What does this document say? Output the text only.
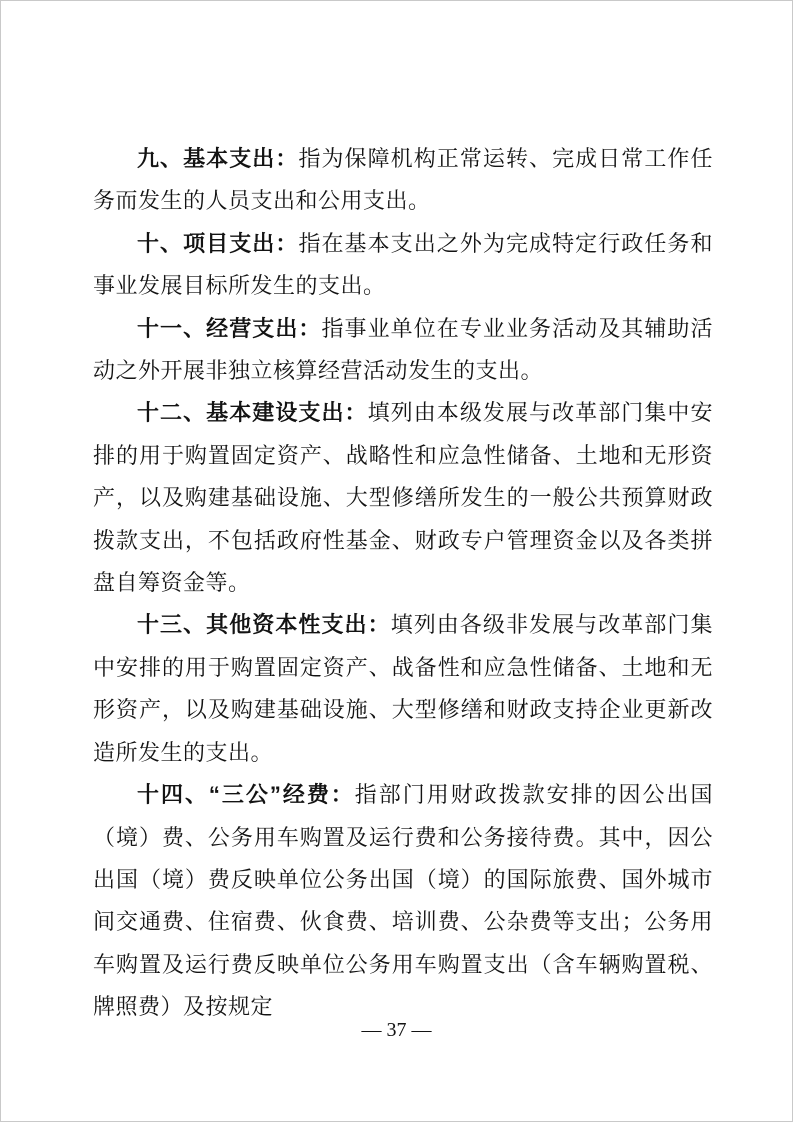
九、基本支出：指为保障机构正常运转、完成日常工作任务而发生的人员支出和公用支出。

十、项目支出：指在基本支出之外为完成特定行政任务和事业发展目标所发生的支出。

十一、经营支出：指事业单位在专业业务活动及其辅助活动之外开展非独立核算经营活动发生的支出。

十二、基本建设支出：填列由本级发展与改革部门集中安排的用于购置固定资产、战略性和应急性储备、土地和无形资产，以及购建基础设施、大型修缮所发生的一般公共预算财政拨款支出，不包括政府性基金、财政专户管理资金以及各类拼盘自筹资金等。

十三、其他资本性支出：填列由各级非发展与改革部门集中安排的用于购置固定资产、战备性和应急性储备、土地和无形资产，以及购建基础设施、大型修缮和财政支持企业更新改造所发生的支出。

十四、“三公”经费：指部门用财政拨款安排的因公出国（境）费、公务用车购置及运行费和公务接待费。其中，因公出国（境）费反映单位公务出国（境）的国际旅费、国外城市间交通费、住宿费、伙食费、培训费、公杂费等支出；公务用车购置及运行费反映单位公务用车购置支出（含车辆购置税、牌照费）及按规定

— 37 —
